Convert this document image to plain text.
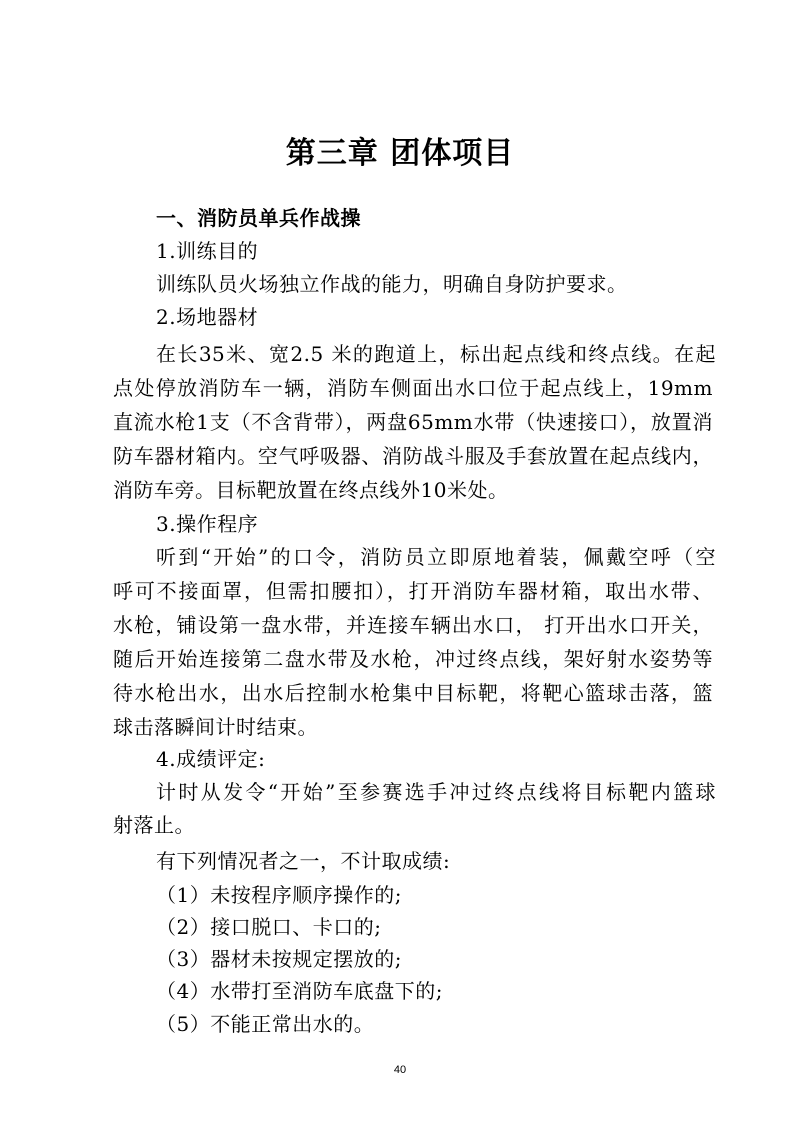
第三章 团体项目
一、消防员单兵作战操
1.训练目的
训练队员火场独立作战的能力，明确自身防护要求。
2.场地器材
在长35米、宽2.5 米的跑道上，标出起点线和终点线。在起
点处停放消防车一辆，消防车侧面出水口位于起点线上，19mm
直流水枪1支（不含背带），两盘65mm水带（快速接口），放置消
防车器材箱内。空气呼吸器、消防战斗服及手套放置在起点线内，
消防车旁。目标靶放置在终点线外10米处。
3.操作程序
听到“开始”的口令，消防员立即原地着装，佩戴空呼（空
呼可不接面罩，但需扣腰扣），打开消防车器材箱，取出水带、
水枪，铺设第一盘水带，并连接车辆出水口， 打开出水口开关，
随后开始连接第二盘水带及水枪，冲过终点线，架好射水姿势等
待水枪出水，出水后控制水枪集中目标靶，将靶心篮球击落，篮
球击落瞬间计时结束。
4.成绩评定:
计时从发令“开始”至参赛选手冲过终点线将目标靶内篮球
射落止。
有下列情况者之一，不计取成绩:
（1）未按程序顺序操作的;
（2）接口脱口、卡口的;
（3）器材未按规定摆放的;
（4）水带打至消防车底盘下的;
（5）不能正常出水的。
40
